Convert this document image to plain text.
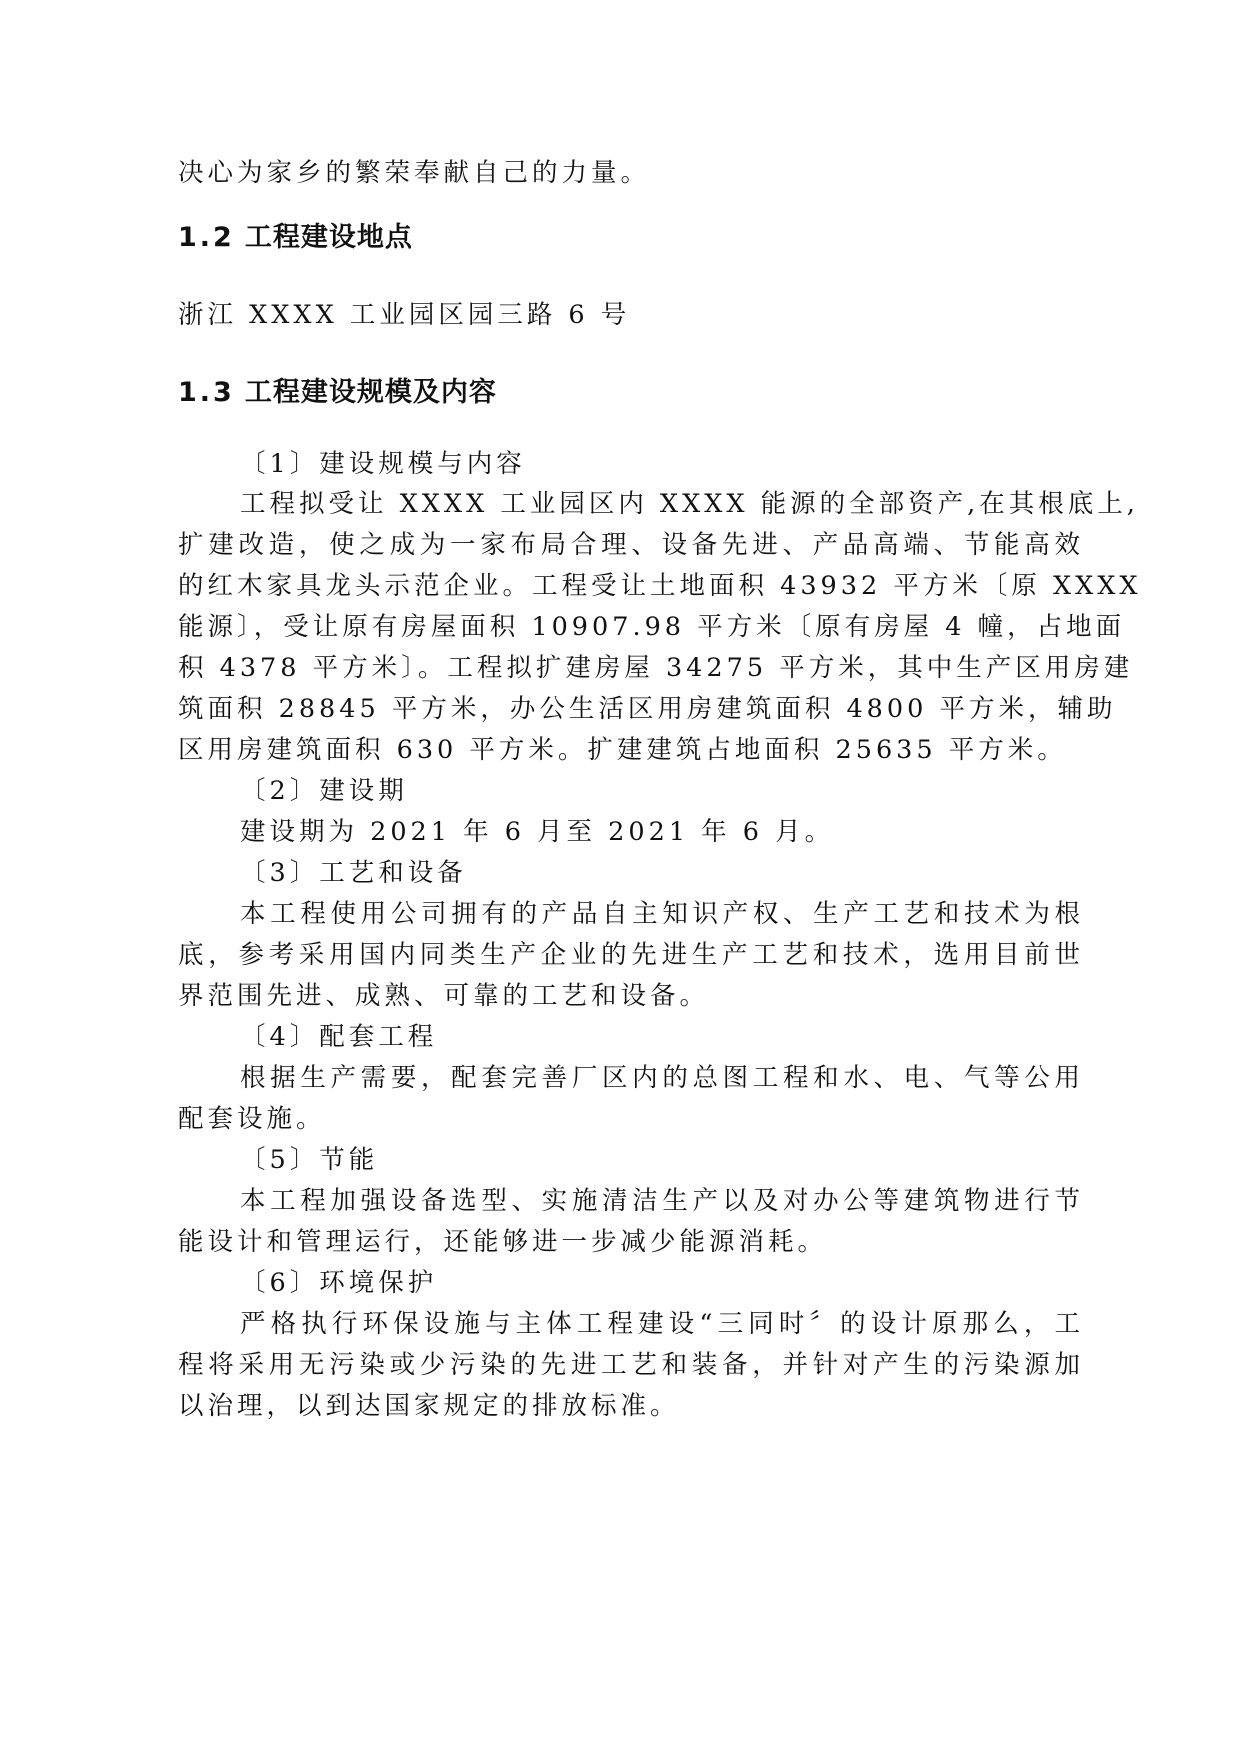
决心为家乡的繁荣奉献自己的力量。

1.2 工程建设地点

浙江 XXXX 工业园区园三路 6 号

1.3 工程建设规模及内容

〔1〕建设规模与内容

工程拟受让 XXXX 工业园区内 XXXX 能源的全部资产,在其根底上,

扩建改造，使之成为一家布局合理、设备先进、产品高端、节能高效

的红木家具龙头示范企业。工程受让土地面积 43932 平方米〔原 XXXX

能源〕，受让原有房屋面积 10907.98 平方米〔原有房屋 4 幢，占地面

积 4378 平方米〕。工程拟扩建房屋 34275 平方米，其中生产区用房建

筑面积 28845 平方米，办公生活区用房建筑面积 4800 平方米，辅助

区用房建筑面积 630 平方米。扩建建筑占地面积 25635 平方米。

〔2〕建设期

建设期为 2021 年 6 月至 2021 年 6 月。

〔3〕工艺和设备

本工程使用公司拥有的产品自主知识产权、生产工艺和技术为根

底，参考采用国内同类生产企业的先进生产工艺和技术，选用目前世

界范围先进、成熟、可靠的工艺和设备。

〔4〕配套工程

根据生产需要，配套完善厂区内的总图工程和水、电、气等公用

配套设施。

〔5〕节能

本工程加强设备选型、实施清洁生产以及对办公等建筑物进行节

能设计和管理运行，还能够进一步减少能源消耗。

〔6〕环境保护

严格执行环保设施与主体工程建设“三同时〞的设计原那么，工

程将采用无污染或少污染的先进工艺和装备，并针对产生的污染源加

以治理，以到达国家规定的排放标准。
